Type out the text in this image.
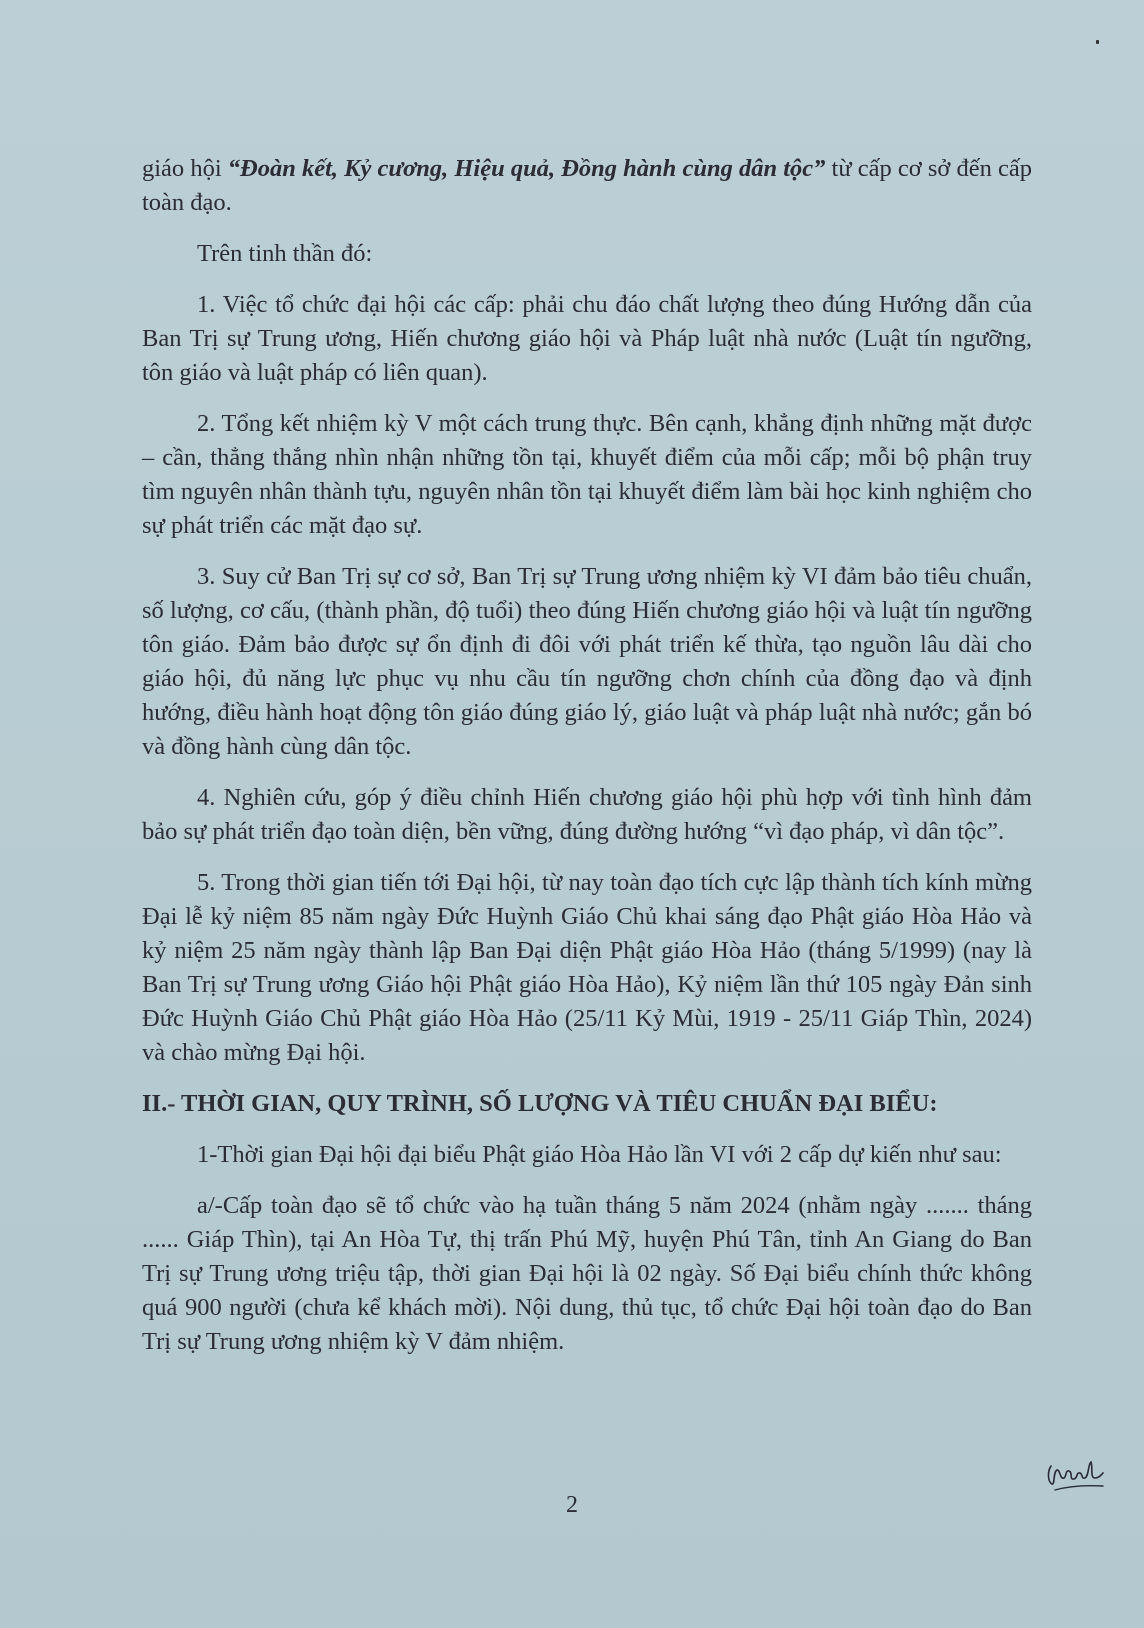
giáo hội “Đoàn kết, Kỷ cương, Hiệu quả, Đồng hành cùng dân tộc” từ cấp cơ sở đến cấp toàn đạo.

Trên tinh thần đó:

1. Việc tổ chức đại hội các cấp: phải chu đáo chất lượng theo đúng Hướng dẫn của Ban Trị sự Trung ương, Hiến chương giáo hội và Pháp luật nhà nước (Luật tín ngưỡng, tôn giáo và luật pháp có liên quan).

2. Tổng kết nhiệm kỳ V một cách trung thực. Bên cạnh, khẳng định những mặt được – cần, thẳng thắng nhìn nhận những tồn tại, khuyết điểm của mỗi cấp; mỗi bộ phận truy tìm nguyên nhân thành tựu, nguyên nhân tồn tại khuyết điểm làm bài học kinh nghiệm cho sự phát triển các mặt đạo sự.

3. Suy cử Ban Trị sự cơ sở, Ban Trị sự Trung ương nhiệm kỳ VI đảm bảo tiêu chuẩn, số lượng, cơ cấu, (thành phần, độ tuổi) theo đúng Hiến chương giáo hội và luật tín ngưỡng tôn giáo. Đảm bảo được sự ổn định đi đôi với phát triển kế thừa, tạo nguồn lâu dài cho giáo hội, đủ năng lực phục vụ nhu cầu tín ngưỡng chơn chính của đồng đạo và định hướng, điều hành hoạt động tôn giáo đúng giáo lý, giáo luật và pháp luật nhà nước; gắn bó và đồng hành cùng dân tộc.

4. Nghiên cứu, góp ý điều chỉnh Hiến chương giáo hội phù hợp với tình hình đảm bảo sự phát triển đạo toàn diện, bền vững, đúng đường hướng “vì đạo pháp, vì dân tộc”.

5. Trong thời gian tiến tới Đại hội, từ nay toàn đạo tích cực lập thành tích kính mừng Đại lễ kỷ niệm 85 năm ngày Đức Huỳnh Giáo Chủ khai sáng đạo Phật giáo Hòa Hảo và kỷ niệm 25 năm ngày thành lập Ban Đại diện Phật giáo Hòa Hảo (tháng 5/1999) (nay là Ban Trị sự Trung ương Giáo hội Phật giáo Hòa Hảo), Kỷ niệm lần thứ 105 ngày Đản sinh Đức Huỳnh Giáo Chủ Phật giáo Hòa Hảo (25/11 Kỷ Mùi, 1919 - 25/11 Giáp Thìn, 2024) và chào mừng Đại hội.

II.- THỜI GIAN, QUY TRÌNH, SỐ LƯỢNG VÀ TIÊU CHUẨN ĐẠI BIỂU:

1-Thời gian Đại hội đại biểu Phật giáo Hòa Hảo lần VI với 2 cấp dự kiến như sau:

a/-Cấp toàn đạo sẽ tổ chức vào hạ tuần tháng 5 năm 2024 (nhằm ngày ....... tháng ...... Giáp Thìn), tại An Hòa Tự, thị trấn Phú Mỹ, huyện Phú Tân, tỉnh An Giang do Ban Trị sự Trung ương triệu tập, thời gian Đại hội là 02 ngày. Số Đại biểu chính thức không quá 900 người (chưa kể khách mời). Nội dung, thủ tục, tổ chức Đại hội toàn đạo do Ban Trị sự Trung ương nhiệm kỳ V đảm nhiệm.

2
